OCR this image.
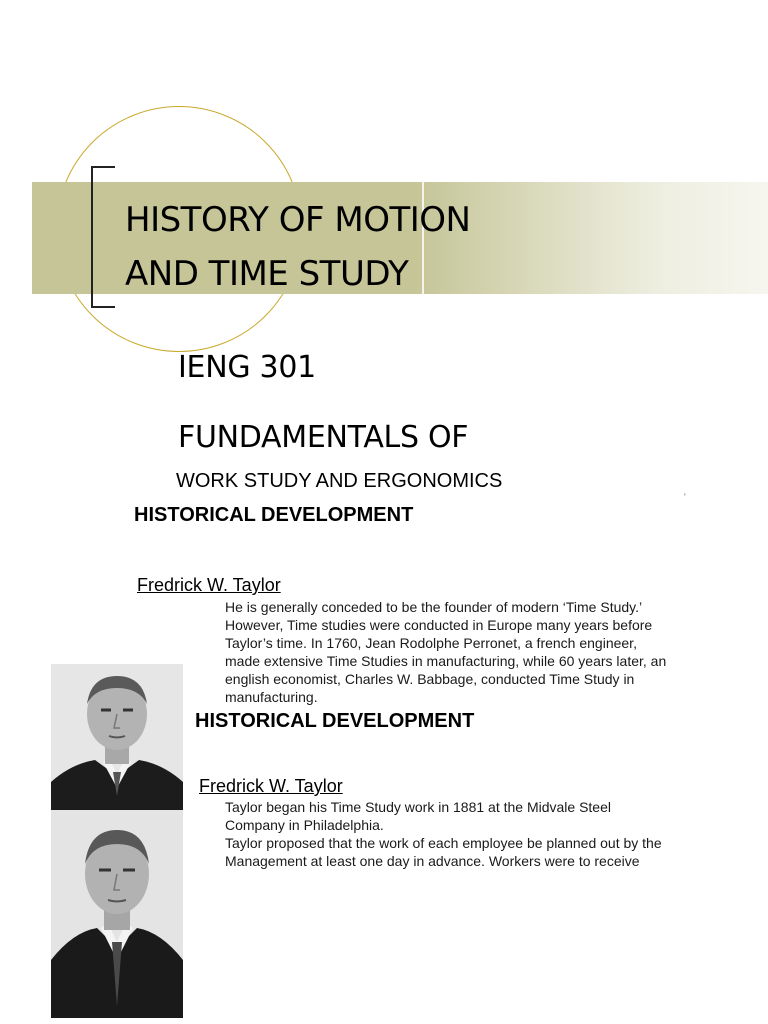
HISTORY OF MOTION
AND TIME STUDY
IENG 301
FUNDAMENTALS OF
WORK STUDY AND ERGONOMICS
'
HISTORICAL DEVELOPMENT
Fredrick W. Taylor
He is generally conceded to be the founder of modern ‘Time Study.’
However, Time studies were conducted in Europe many years before
Taylor’s time. In 1760, Jean Rodolphe Perronet, a french engineer,
made extensive Time Studies in manufacturing, while 60 years later, an
english economist, Charles W. Babbage, conducted Time Study in
manufacturing.
HISTORICAL DEVELOPMENT
Fredrick W. Taylor
Taylor began his Time Study work in 1881 at the Midvale Steel
Company in Philadelphia.
Taylor proposed that the work of each employee be planned out by the
Management at least one day in advance. Workers were to receive
